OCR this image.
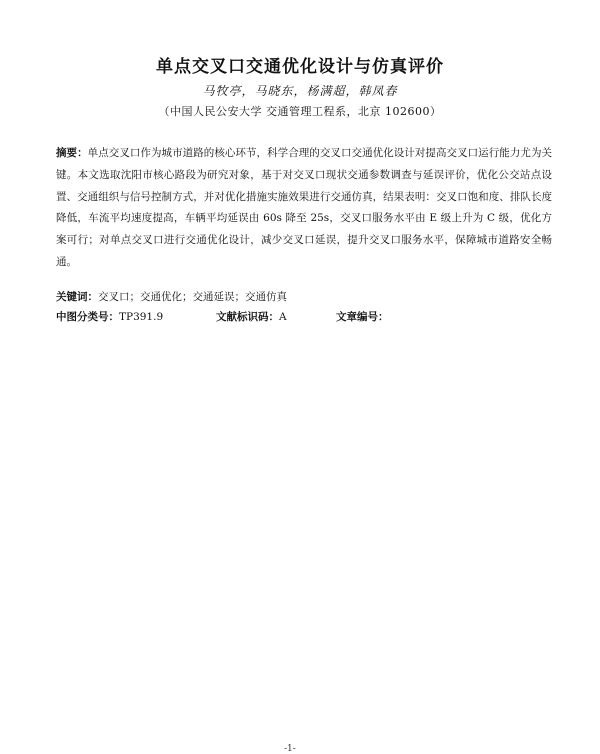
单点交叉口交通优化设计与仿真评价
马牧亭，马晓东，杨满超，韩凤春
（中国人民公安大学 交通管理工程系，北京 102600）
摘要：单点交叉口作为城市道路的核心环节，科学合理的交叉口交通优化设计对提高交叉口运行能力尤为关键。本文选取沈阳市核心路段为研究对象，基于对交叉口现状交通参数调查与延误评价，优化公交站点设置、交通组织与信号控制方式，并对优化措施实施效果进行交通仿真，结果表明：交叉口饱和度、排队长度降低，车流平均速度提高，车辆平均延误由 60s 降至 25s，交叉口服务水平由 E 级上升为 C 级，优化方案可行；对单点交叉口进行交通优化设计，减少交叉口延误，提升交叉口服务水平，保障城市道路安全畅通。
关键词：交叉口；交通优化；交通延误；交通仿真
中图分类号：TP391.9	文献标识码：A	文章编号：
-1-
